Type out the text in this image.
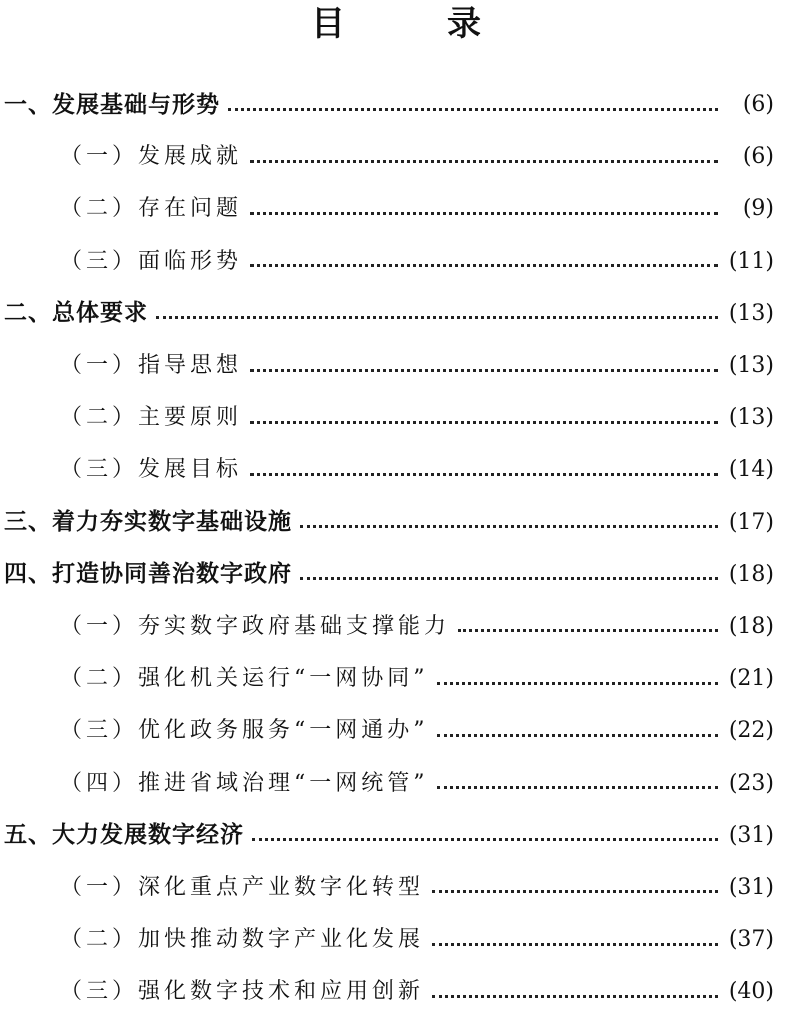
目　录
一、发展基础与形势	(6)
（一）发展成就	(6)
（二）存在问题	(9)
（三）面临形势	(11)
二、总体要求	(13)
（一）指导思想	(13)
（二）主要原则	(13)
（三）发展目标	(14)
三、着力夯实数字基础设施	(17)
四、打造协同善治数字政府	(18)
（一）夯实数字政府基础支撑能力	(18)
（二）强化机关运行“一网协同”	(21)
（三）优化政务服务“一网通办”	(22)
（四）推进省域治理“一网统管”	(23)
五、大力发展数字经济	(31)
（一）深化重点产业数字化转型	(31)
（二）加快推动数字产业化发展	(37)
（三）强化数字技术和应用创新	(40)
